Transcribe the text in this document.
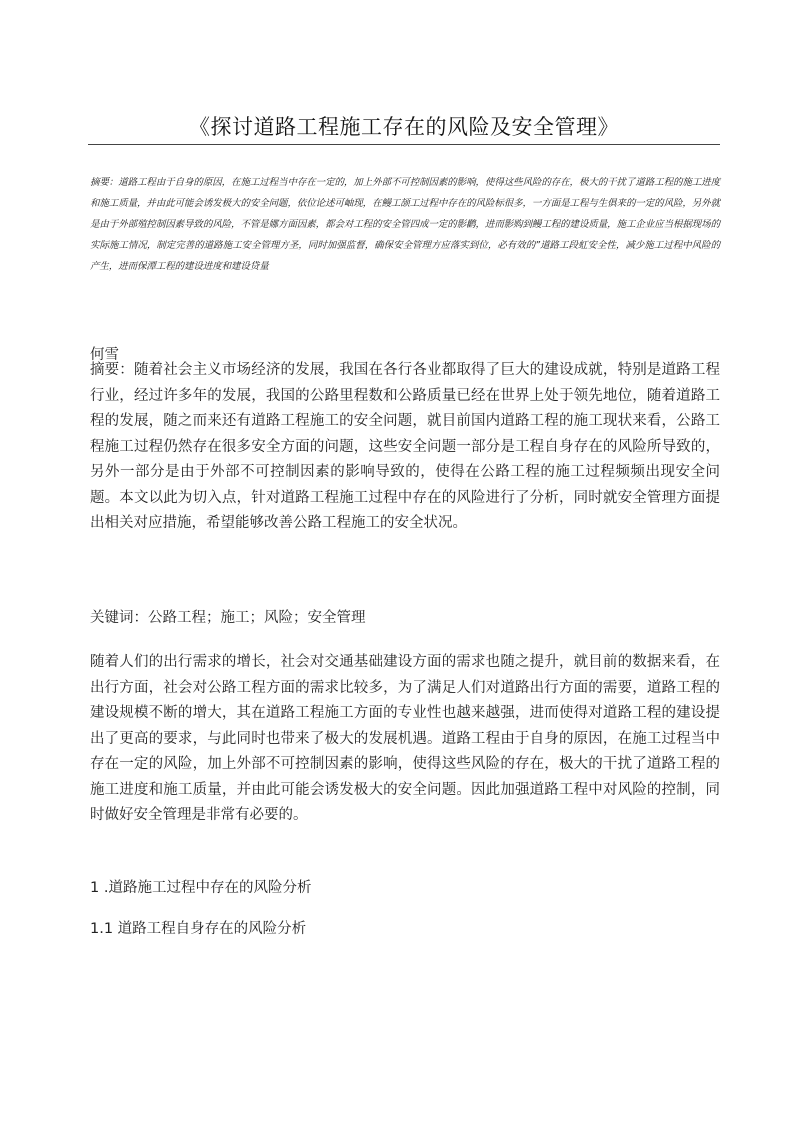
《探讨道路工程施工存在的风险及安全管理》
摘要：道路工程由于自身的原因，在施工过程当中存在一定的，加上外部不可控制因素的影响，使得这些风险的存在，极大的干扰了道路工程的施工进度和施工质量，并由此可能会诱发极大的安全问题，依位论述可岫现，在鳗工颉工过程中存在的风险标很多，一方面是工程与生俱来的一定的风险，另外就是由于外部殖控制因素导致的风险，不管是娜方面因素，都会对工程的安全管四成一定的影鹳，进而影购到鳗工程的建设质量，施工企业应当根据现场的实际施工情况，制定完善的道路施工安全管理方圣，同时加强监督，确保安全管理方应落实到位，必有效的”道路工段虹安全性，减少施工过程中风险的产生，进而保潭工程的建设进度和建设贷量
何雪
摘要：随着社会主义市场经济的发展，我国在各行各业都取得了巨大的建设成就，特别是道路工程行业，经过许多年的发展，我国的公路里程数和公路质量已经在世界上处于领先地位，随着道路工程的发展，随之而来还有道路工程施工的安全问题，就目前国内道路工程的施工现状来看，公路工程施工过程仍然存在很多安全方面的问题，这些安全问题一部分是工程自身存在的风险所导致的，另外一部分是由于外部不可控制因素的影响导致的，使得在公路工程的施工过程频频出现安全问题。本文以此为切入点，针对道路工程施工过程中存在的风险进行了分析，同时就安全管理方面提出相关对应措施，希望能够改善公路工程施工的安全状况。
关键词：公路工程；施工；风险；安全管理
随着人们的出行需求的增长，社会对交通基础建设方面的需求也随之提升，就目前的数据来看，在出行方面，社会对公路工程方面的需求比较多，为了满足人们对道路出行方面的需要，道路工程的建设规模不断的增大，其在道路工程施工方面的专业性也越来越强，进而使得对道路工程的建设提出了更高的要求，与此同时也带来了极大的发展机遇。道路工程由于自身的原因，在施工过程当中存在一定的风险，加上外部不可控制因素的影响，使得这些风险的存在，极大的干扰了道路工程的施工进度和施工质量，并由此可能会诱发极大的安全问题。因此加强道路工程中对风险的控制，同时做好安全管理是非常有必要的。
1 .道路施工过程中存在的风险分析
1.1 道路工程自身存在的风险分析
